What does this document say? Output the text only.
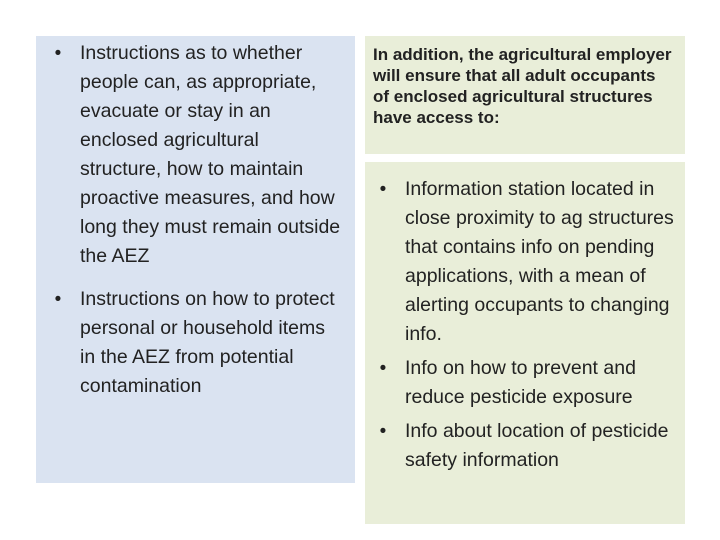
• Instructions as to whether people can, as appropriate, evacuate or stay in an enclosed agricultural structure, how to maintain proactive measures, and how long they must remain outside the AEZ
• Instructions on how to protect personal or household items in the AEZ from potential contamination

In addition, the agricultural employer will ensure that all adult occupants of enclosed agricultural structures have access to:

• Information station located in close proximity to ag structures that contains info on pending applications, with a mean of alerting occupants to changing info.
• Info on how to prevent and reduce pesticide exposure
• Info about location of pesticide safety information
